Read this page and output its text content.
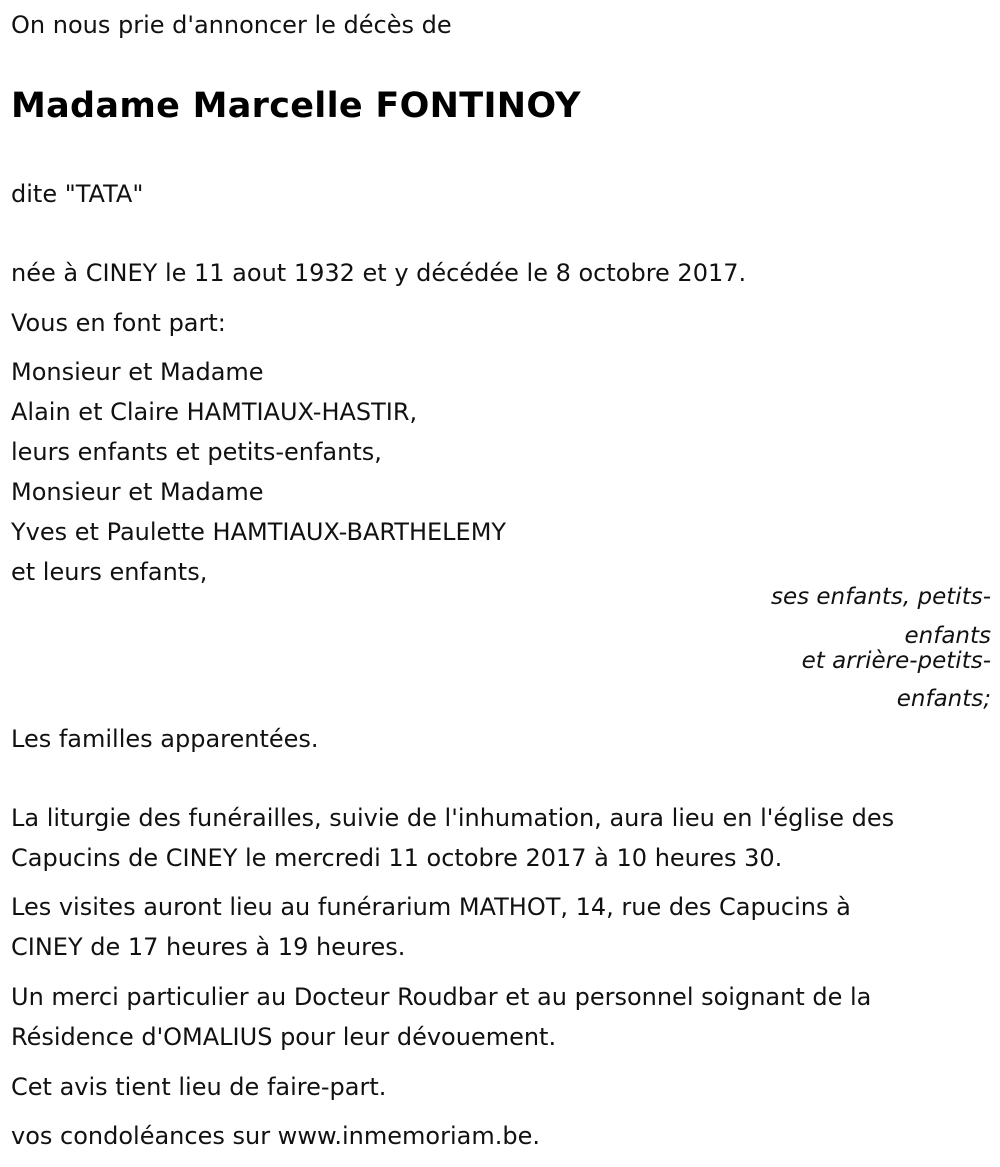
On nous prie d'annoncer le décès de

Madame Marcelle FONTINOY

dite "TATA"

née à CINEY le 11 aout 1932 et y décédée le 8 octobre 2017.

Vous en font part:

Monsieur et Madame

Alain et Claire HAMTIAUX-HASTIR,

leurs enfants et petits-enfants,

Monsieur et Madame

Yves et Paulette HAMTIAUX-BARTHELEMY

et leurs enfants,

ses enfants, petits-

enfants

et arrière-petits-

enfants;

Les familles apparentées.

La liturgie des funérailles, suivie de l'inhumation, aura lieu en l'église des

Capucins de CINEY le mercredi 11 octobre 2017 à 10 heures 30.

Les visites auront lieu au funérarium MATHOT, 14, rue des Capucins à

CINEY de 17 heures à 19 heures.

Un merci particulier au Docteur Roudbar et au personnel soignant de la

Résidence d'OMALIUS pour leur dévouement.

Cet avis tient lieu de faire-part.

vos condoléances sur www.inmemoriam.be.
